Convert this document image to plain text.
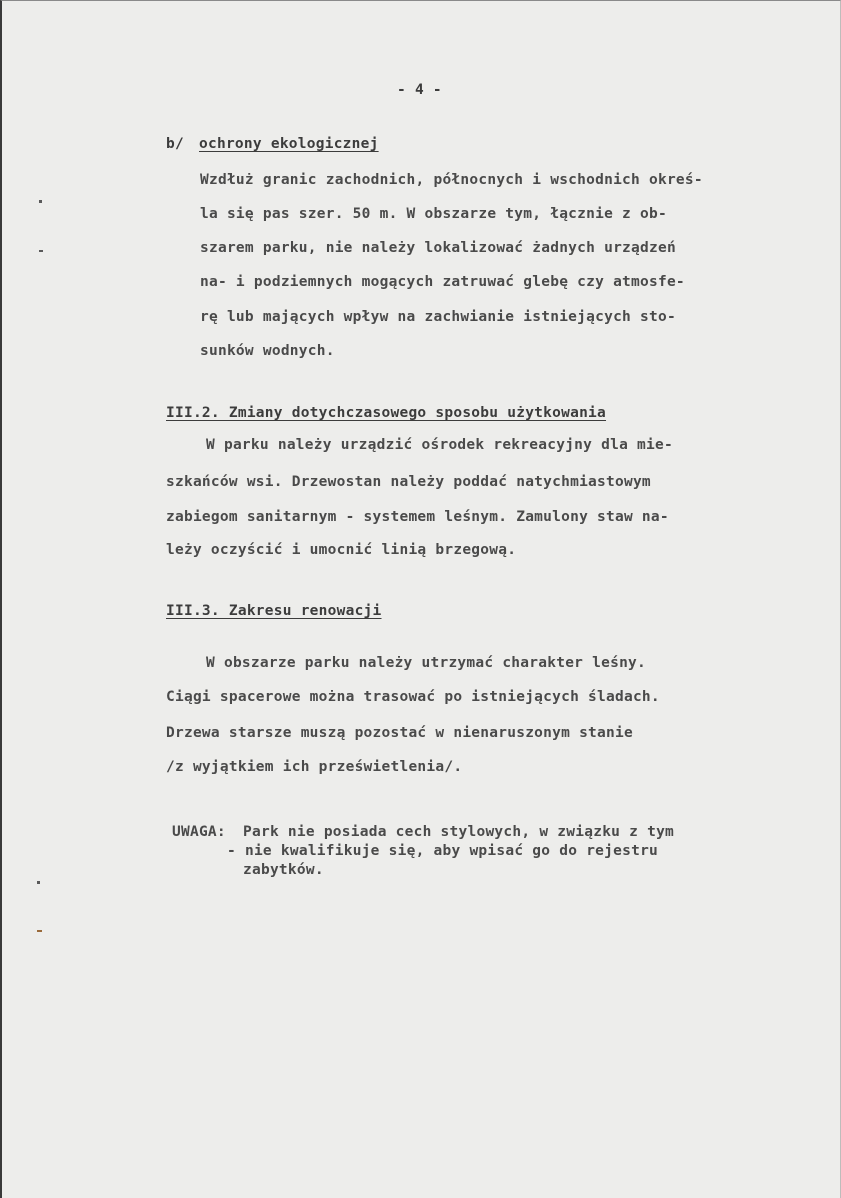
- 4 -
b/ ochrony ekologicznej
Wzdłuż granic zachodnich, północnych i wschodnich okreś-
la się pas szer. 50 m. W obszarze tym, łącznie z ob-
szarem parku, nie należy lokalizować żadnych urządzeń
na- i podziemnych mogących zatruwać glebę czy atmosfe-
rę lub mających wpływ na zachwianie istniejących sto-
sunków wodnych.
III.2. Zmiany dotychczasowego sposobu użytkowania
W parku należy urządzić ośrodek rekreacyjny dla mie-
szkańców wsi. Drzewostan należy poddać natychmiastowym
zabiegom sanitarnym - systemem leśnym. Zamulony staw na-
leży oczyścić i umocnić linią brzegową.
III.3. Zakresu renowacji
W obszarze parku należy utrzymać charakter leśny.
Ciągi spacerowe można trasować po istniejących śladach.
Drzewa starsze muszą pozostać w nienaruszonym stanie
/z wyjątkiem ich prześwietlenia/.
UWAGA: Park nie posiada cech stylowych, w związku z tym
- nie kwalifikuje się, aby wpisać go do rejestru
zabytków.
